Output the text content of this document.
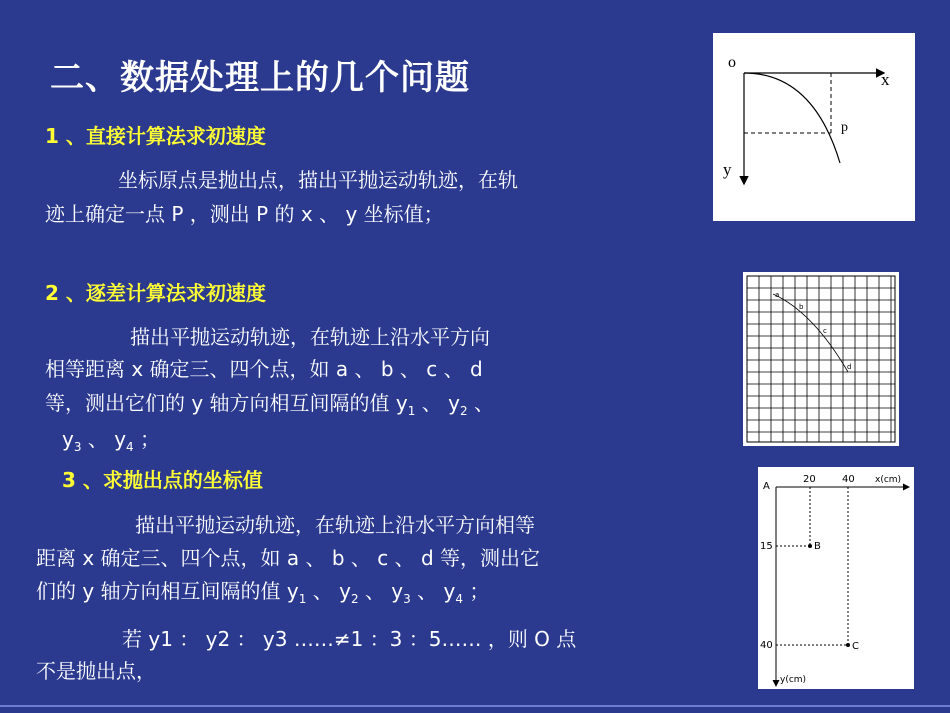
二、数据处理上的几个问题
1 、直接计算法求初速度
坐标原点是抛出点，描出平抛运动轨迹，在轨
迹上确定一点 P ，测出 P 的 x 、 y 坐标值；
2 、逐差计算法求初速度
描出平抛运动轨迹，在轨迹上沿水平方向
相等距离 x 确定三、四个点，如 a 、 b 、 c 、 d
等，测出它们的 y 轴方向相互间隔的值 $y_1$ 、 $y_2$ 、
$y_3$ 、 $y_4$ ；
3 、求抛出点的坐标值
描出平抛运动轨迹，在轨迹上沿水平方向相等
距离 x 确定三、四个点，如 a 、 b 、 c 、 d 等，测出它
们的 y 轴方向相互间隔的值 $y_1$ 、 $y_2$ 、 $y_3$ 、 $y_4$ ；
若 y1 ： y2 ： y3 ……≠1 ：3 ：5…… ，则 O 点
不是抛出点，
o
x
y
p
a
b
c
d
A
B
C
20	40 x(cm)
15
40
y(cm)
